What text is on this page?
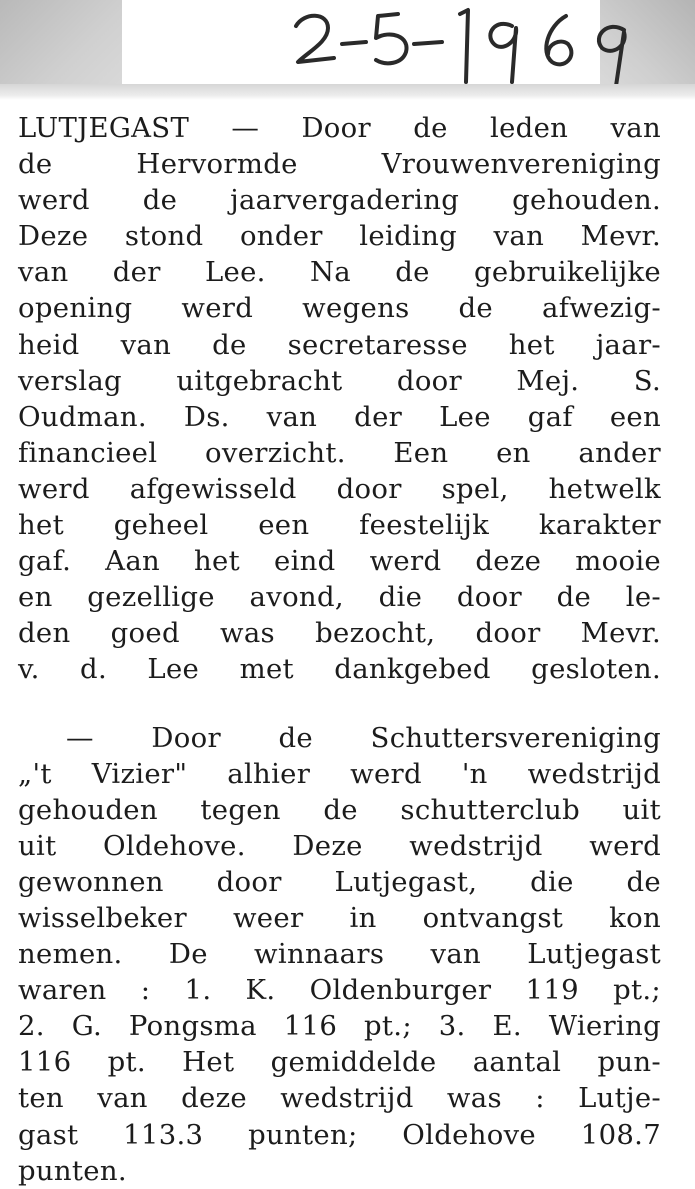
LUTJEGAST — Door de leden van
de Hervormde Vrouwenvereniging
werd de jaarvergadering gehouden.
Deze stond onder leiding van Mevr.
van der Lee. Na de gebruikelijke
opening werd wegens de afwezig-
heid van de secretaresse het jaar-
verslag uitgebracht door Mej. S.
Oudman. Ds. van der Lee gaf een
financieel overzicht. Een en ander
werd afgewisseld door spel, hetwelk
het geheel een feestelijk karakter
gaf. Aan het eind werd deze mooie
en gezellige avond, die door de le-
den goed was bezocht, door Mevr.
v. d. Lee met dankgebed gesloten.
— Door de Schuttersvereniging
„'t Vizier" alhier werd 'n wedstrijd
gehouden tegen de schutterclub uit
uit Oldehove. Deze wedstrijd werd
gewonnen door Lutjegast, die de
wisselbeker weer in ontvangst kon
nemen. De winnaars van Lutjegast
waren : 1. K. Oldenburger 119 pt.;
2. G. Pongsma 116 pt.; 3. E. Wiering
116 pt. Het gemiddelde aantal pun-
ten van deze wedstrijd was : Lutje-
gast 113.3 punten; Oldehove 108.7
punten.
